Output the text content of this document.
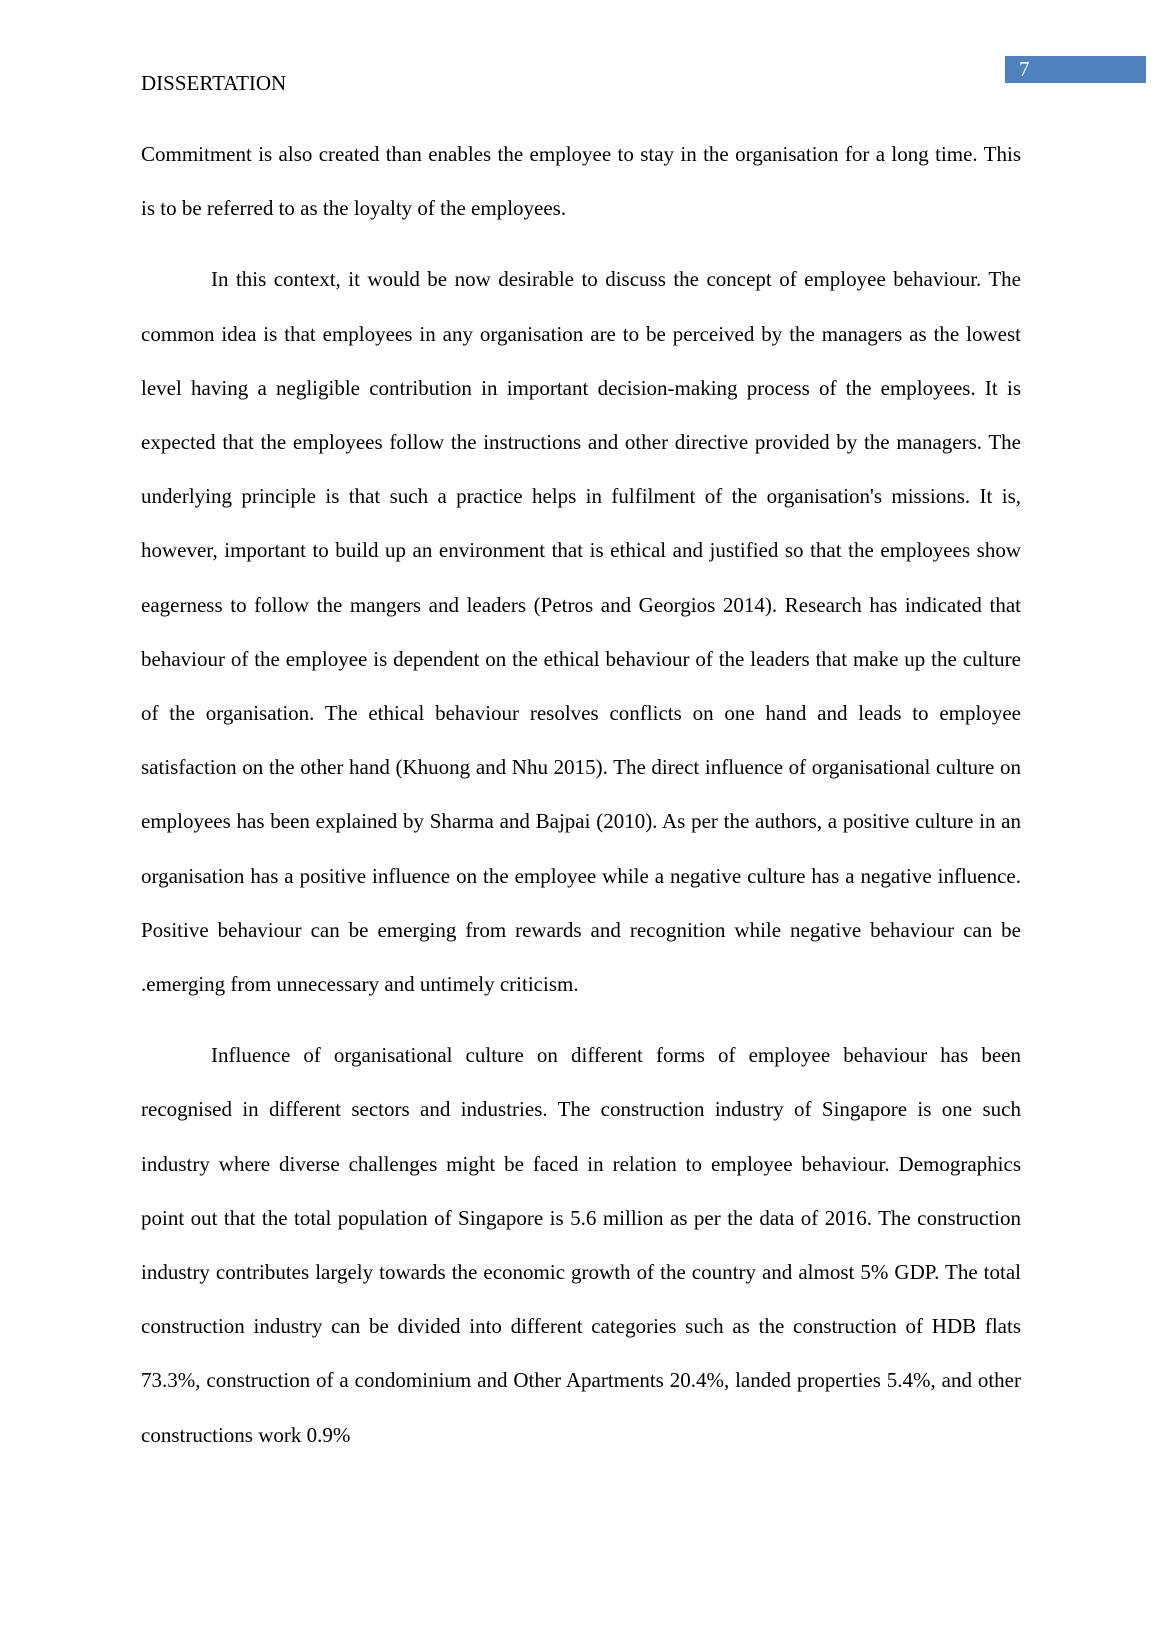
7
DISSERTATION

Commitment is also created than enables the employee to stay in the organisation for a long time. This is to be referred to as the loyalty of the employees.

In this context, it would be now desirable to discuss the concept of employee behaviour. The common idea is that employees in any organisation are to be perceived by the managers as the lowest level having a negligible contribution in important decision-making process of the employees. It is expected that the employees follow the instructions and other directive provided by the managers. The underlying principle is that such a practice helps in fulfilment of the organisation's missions. It is, however, important to build up an environment that is ethical and justified so that the employees show eagerness to follow the mangers and leaders (Petros and Georgios 2014). Research has indicated that behaviour of the employee is dependent on the ethical behaviour of the leaders that make up the culture of the organisation. The ethical behaviour resolves conflicts on one hand and leads to employee satisfaction on the other hand (Khuong and Nhu 2015). The direct influence of organisational culture on employees has been explained by Sharma and Bajpai (2010). As per the authors, a positive culture in an organisation has a positive influence on the employee while a negative culture has a negative influence. Positive behaviour can be emerging from rewards and recognition while negative behaviour can be .emerging from unnecessary and untimely criticism.

Influence of organisational culture on different forms of employee behaviour has been recognised in different sectors and industries. The construction industry of Singapore is one such industry where diverse challenges might be faced in relation to employee behaviour. Demographics point out that the total population of Singapore is 5.6 million as per the data of 2016. The construction industry contributes largely towards the economic growth of the country and almost 5% GDP. The total construction industry can be divided into different categories such as the construction of HDB flats 73.3%, construction of a condominium and Other Apartments 20.4%, landed properties 5.4%, and other constructions work 0.9%
